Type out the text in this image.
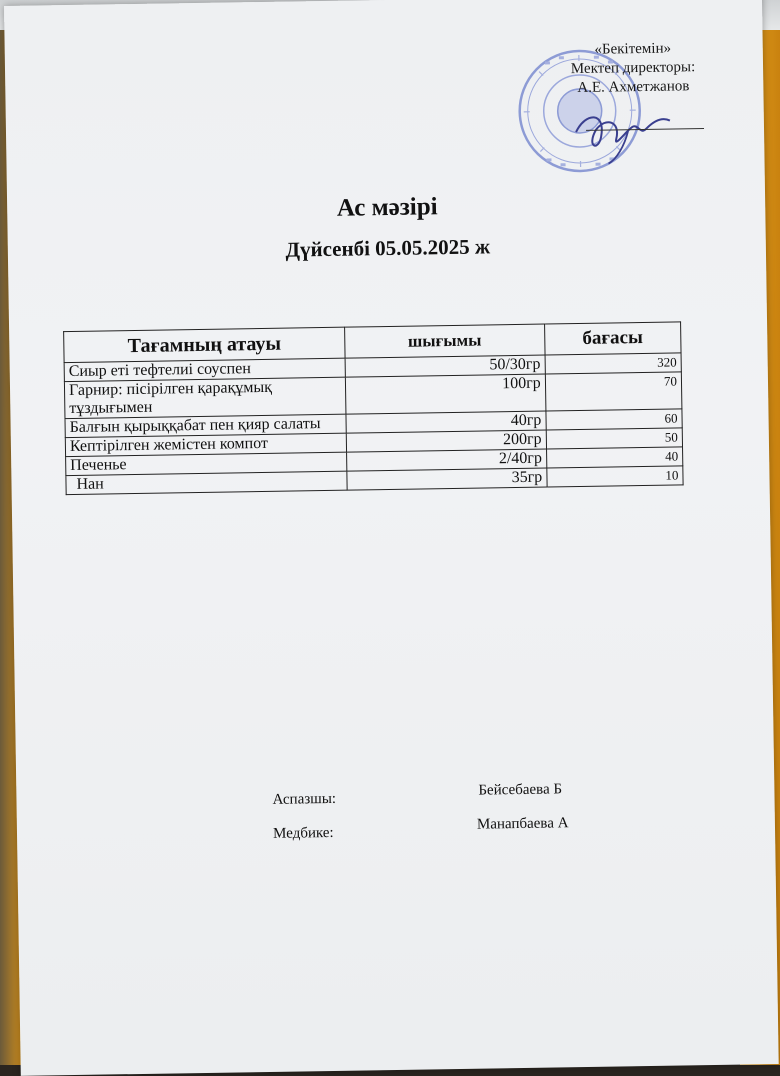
«Бекітемін»
Мектеп директоры:
А.Е. Ахметжанов
Ас мәзірі
Дүйсенбі 05.05.2025 ж
Тағамның атауы	шығымы	бағасы
Сиыр еті тефтелиі соуспен	50/30гр	320
Гарнир: пісірілген қарақұмық тұздығымен	100гр	70
Балғын қырыққабат пен қияр салаты	40гр	60
Кептірілген жемістен компот	200гр	50
Печенье	2/40гр	40
Нан	35гр	10
Аспазшы:
Бейсебаева Б
Медбике:
Манапбаева А
